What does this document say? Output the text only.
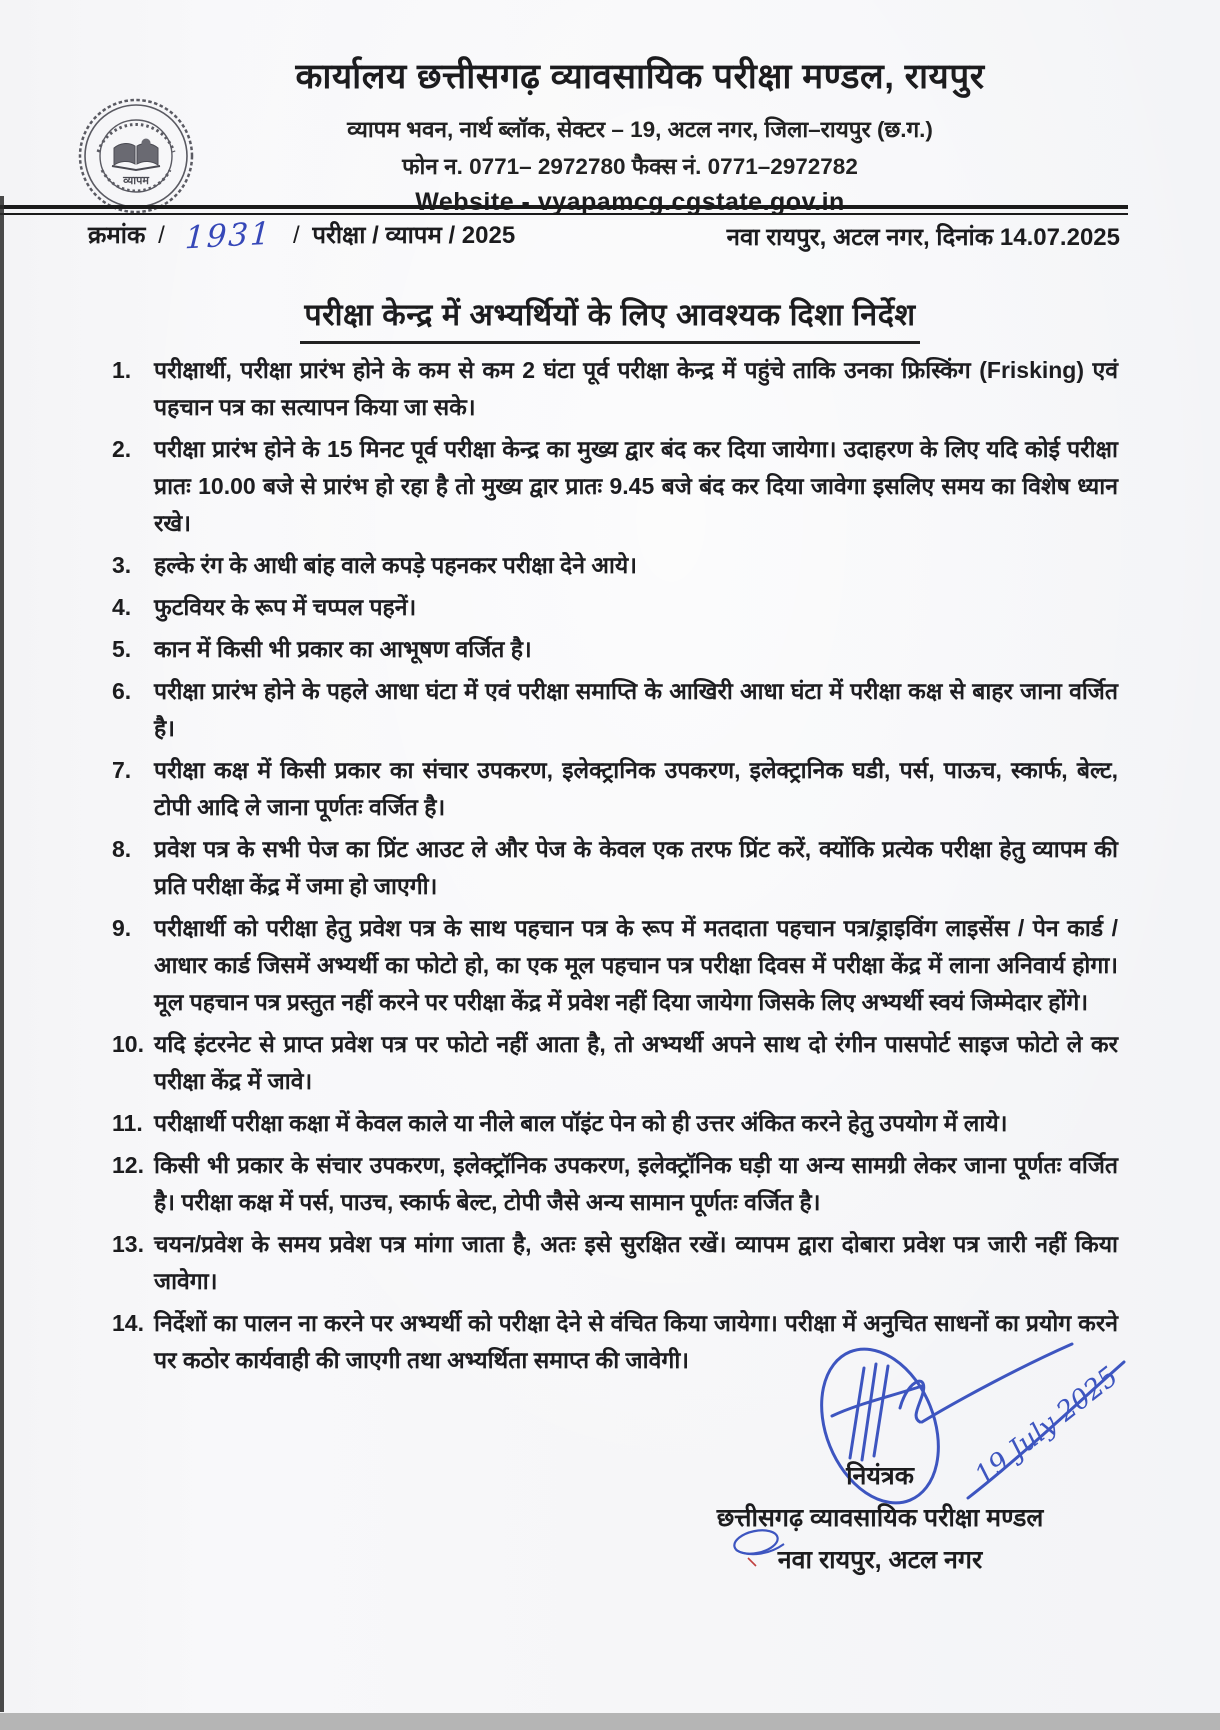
कार्यालय छत्तीसगढ़ व्यावसायिक परीक्षा मण्डल, रायपुर
व्यापम भवन, नार्थ ब्लॉक, सेक्टर – 19, अटल नगर, जिला–रायपुर (छ.ग.)
फोन न. 0771– 2972780 फैक्स नं. 0771–2972782
Website - vyapamcg.cgstate.gov.in
व्यापम
क्रमांक / 1931 / परीक्षा / व्यापम / 2025	नवा रायपुर, अटल नगर, दिनांक 14.07.2025
परीक्षा केन्द्र में अभ्यर्थियों के लिए आवश्यक दिशा निर्देश
1. परीक्षार्थी, परीक्षा प्रारंभ होने के कम से कम 2 घंटा पूर्व परीक्षा केन्द्र में पहुंचे ताकि उनका फ्रिस्किंग (Frisking) एवं पहचान पत्र का सत्यापन किया जा सके।
2. परीक्षा प्रारंभ होने के 15 मिनट पूर्व परीक्षा केन्द्र का मुख्य द्वार बंद कर दिया जायेगा। उदाहरण के लिए यदि कोई परीक्षा प्रातः 10.00 बजे से प्रारंभ हो रहा है तो मुख्य द्वार प्रातः 9.45 बजे बंद कर दिया जावेगा इसलिए समय का विशेष ध्यान रखे।
3. हल्के रंग के आधी बांह वाले कपड़े पहनकर परीक्षा देने आये।
4. फुटवियर के रूप में चप्पल पहनें।
5. कान में किसी भी प्रकार का आभूषण वर्जित है।
6. परीक्षा प्रारंभ होने के पहले आधा घंटा में एवं परीक्षा समाप्ति के आखिरी आधा घंटा में परीक्षा कक्ष से बाहर जाना वर्जित है।
7. परीक्षा कक्ष में किसी प्रकार का संचार उपकरण, इलेक्ट्रानिक उपकरण, इलेक्ट्रानिक घडी, पर्स, पाऊच, स्कार्फ, बेल्ट, टोपी आदि ले जाना पूर्णतः वर्जित है।
8. प्रवेश पत्र के सभी पेज का प्रिंट आउट ले और पेज के केवल एक तरफ प्रिंट करें, क्योंकि प्रत्येक परीक्षा हेतु व्यापम की प्रति परीक्षा केंद्र में जमा हो जाएगी।
9. परीक्षार्थी को परीक्षा हेतु प्रवेश पत्र के साथ पहचान पत्र के रूप में मतदाता पहचान पत्र/ड्राइविंग लाइसेंस / पेन कार्ड / आधार कार्ड जिसमें अभ्यर्थी का फोटो हो, का एक मूल पहचान पत्र परीक्षा दिवस में परीक्षा केंद्र में लाना अनिवार्य होगा। मूल पहचान पत्र प्रस्तुत नहीं करने पर परीक्षा केंद्र में प्रवेश नहीं दिया जायेगा जिसके लिए अभ्यर्थी स्वयं जिम्मेदार होंगे।
10. यदि इंटरनेट से प्राप्त प्रवेश पत्र पर फोटो नहीं आता है, तो अभ्यर्थी अपने साथ दो रंगीन पासपोर्ट साइज फोटो ले कर परीक्षा केंद्र में जावे।
11. परीक्षार्थी परीक्षा कक्षा में केवल काले या नीले बाल पॉइंट पेन को ही उत्तर अंकित करने हेतु उपयोग में लाये।
12. किसी भी प्रकार के संचार उपकरण, इलेक्ट्रॉनिक उपकरण, इलेक्ट्रॉनिक घड़ी या अन्य सामग्री लेकर जाना पूर्णतः वर्जित है। परीक्षा कक्ष में पर्स, पाउच, स्कार्फ बेल्ट, टोपी जैसे अन्य सामान पूर्णतः वर्जित है।
13. चयन/प्रवेश के समय प्रवेश पत्र मांगा जाता है, अतः इसे सुरक्षित रखें। व्यापम द्वारा दोबारा प्रवेश पत्र जारी नहीं किया जावेगा।
14. निर्देशों का पालन ना करने पर अभ्यर्थी को परीक्षा देने से वंचित किया जायेगा। परीक्षा में अनुचित साधनों का प्रयोग करने पर कठोर कार्यवाही की जाएगी तथा अभ्यर्थिता समाप्त की जावेगी।
19 July 2025
नियंत्रक
छत्तीसगढ़ व्यावसायिक परीक्षा मण्डल
नवा रायपुर, अटल नगर
